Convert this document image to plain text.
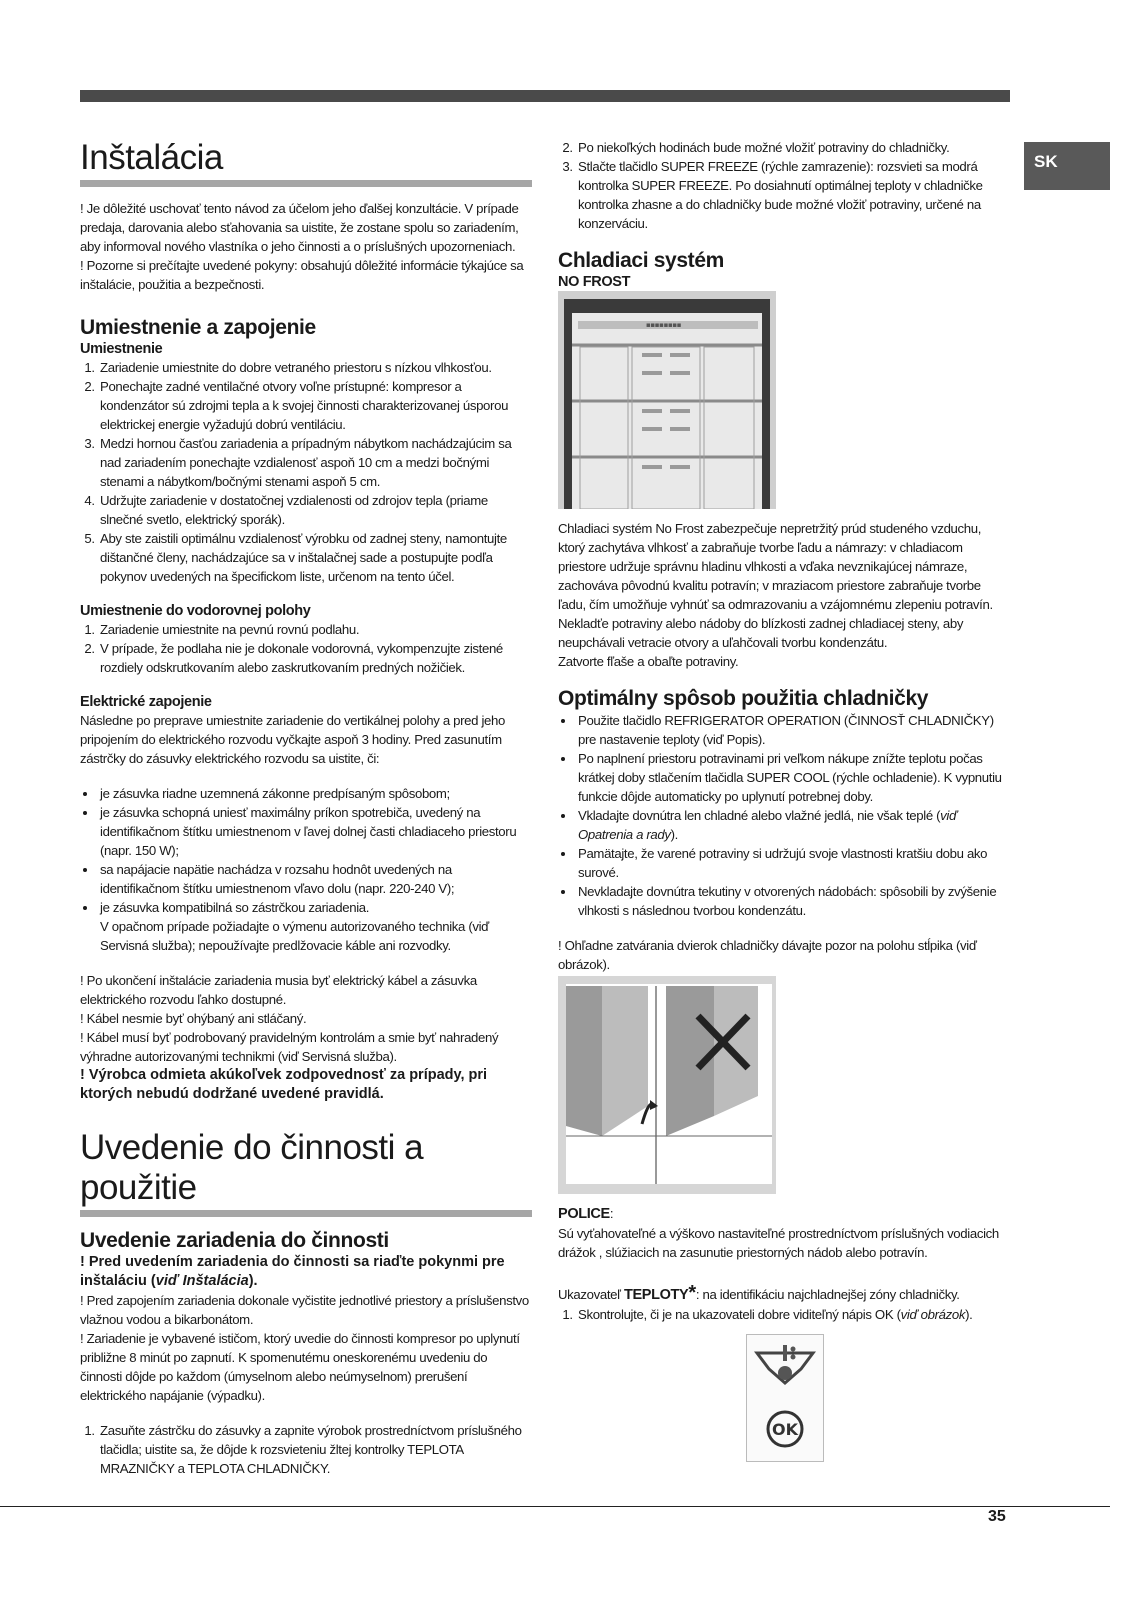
SK
Inštalácia

! Je dôležité uschovať tento návod za účelom jeho ďalšej konzultácie. V prípade predaja, darovania alebo sťahovania sa uistite, že zostane spolu so zariadením, aby informoval nového vlastníka o jeho činnosti a o príslušných upozorneniach.

! Pozorne si prečítajte uvedené pokyny: obsahujú dôležité informácie týkajúce sa inštalácie, použitia a bezpečnosti.

Umiestnenie a zapojenie
Umiestnenie
1. Zariadenie umiestnite do dobre vetraného priestoru s nízkou vlhkosťou.
2. Ponechajte zadné ventilačné otvory voľne prístupné: kompresor a kondenzátor sú zdrojmi tepla a k svojej činnosti charakterizovanej úsporou elektrickej energie vyžadujú dobrú ventiláciu.
3. Medzi hornou časťou zariadenia a prípadným nábytkom nachádzajúcim sa nad zariadením ponechajte vzdialenosť aspoň 10 cm a medzi bočnými stenami a nábytkom/bočnými stenami aspoň 5 cm.
4. Udržujte zariadenie v dostatočnej vzdialenosti od zdrojov tepla (priame slnečné svetlo, elektrický sporák).
5. Aby ste zaistili optimálnu vzdialenosť výrobku od zadnej steny, namontujte dištančné členy, nachádzajúce sa v inštalačnej sade a postupujte podľa pokynov uvedených na špecifickom liste, určenom na tento účel.
Umiestnenie do vodorovnej polohy
1. Zariadenie umiestnite na pevnú rovnú podlahu.
2. V prípade, že podlaha nie je dokonale vodorovná, vykompenzujte zistené rozdiely odskrutkovaním alebo zaskrutkovaním predných nožičiek.
Elektrické zapojenie

Následne po preprave umiestnite zariadenie do vertikálnej polohy a pred jeho pripojením do elektrického rozvodu vyčkajte aspoň 3 hodiny. Pred zasunutím zástrčky do zásuvky elektrického rozvodu sa uistite, či:

• je zásuvka riadne uzemnená zákonne predpísaným spôsobom;
• je zásuvka schopná uniesť maximálny príkon spotrebiča, uvedený na identifikačnom štítku umiestnenom v ľavej dolnej časti chladiaceho priestoru (napr. 150 W);
• sa napájacie napätie nachádza v rozsahu hodnôt uvedených na identifikačnom štítku umiestnenom vľavo dolu (napr. 220-240 V);
• je zásuvka kompatibilná so zástrčkou zariadenia.

V opačnom prípade požiadajte o výmenu autorizovaného technika (viď Servisná služba); nepoužívajte predlžovacie káble ani rozvodky.

! Po ukončení inštalácie zariadenia musia byť elektrický kábel a zásuvka elektrického rozvodu ľahko dostupné.

! Kábel nesmie byť ohýbaný ani stláčaný.

! Kábel musí byť podrobovaný pravidelným kontrolám a smie byť nahradený výhradne autorizovanými technikmi (viď Servisná služba).

! Výrobca odmieta akúkoľvek zodpovednosť za prípady, pri ktorých nebudú dodržané uvedené pravidlá.

Uvedenie do činnosti a použitie
Uvedenie zariadenia do činnosti

! Pred uvedením zariadenia do činnosti sa riaďte pokynmi pre inštaláciu (viď Inštalácia).

! Pred zapojením zariadenia dokonale vyčistite jednotlivé priestory a príslušenstvo vlažnou vodou a bikarbonátom.

! Zariadenie je vybavené ističom, ktorý uvedie do činnosti kompresor po uplynutí približne 8 minút po zapnutí. K spomenutému oneskorenému uvedeniu do činnosti dôjde po každom (úmyselnom alebo neúmyselnom) prerušení elektrického napájanie (výpadku).

1. Zasuňte zástrčku do zásuvky a zapnite výrobok prostredníctvom príslušného tlačidla; uistite sa, že dôjde k rozsvieteniu žltej kontrolky TEPLOTA MRAZNIČKY a TEPLOTA CHLADNIČKY.
2. Po niekoľkých hodinách bude možné vložiť potraviny do chladničky.
3. Stlačte tlačidlo SUPER FREEZE (rýchle zamrazenie): rozsvieti sa modrá kontrolka SUPER FREEZE. Po dosiahnutí optimálnej teploty v chladničke kontrolka zhasne a do chladničky bude možné vložiť potraviny, určené na konzerváciu.
Chladiaci systém
NO FROST
▪▪▪▪▪▪▪▪

Chladiaci systém No Frost zabezpečuje nepretržitý prúd studeného vzduchu, ktorý zachytáva vlhkosť a zabraňuje tvorbe ľadu a námrazy: v chladiacom priestore udržuje správnu hladinu vlhkosti a vďaka nevznikajúcej námraze, zachováva pôvodnú kvalitu potravín; v mraziacom priestore zabraňuje tvorbe ľadu, čím umožňuje vyhnúť sa odmrazovaniu a vzájomnému zlepeniu potravín.

Nekladťe potraviny alebo nádoby do blízkosti zadnej chladiacej steny, aby neupchávali vetracie otvory a uľahčovali tvorbu kondenzátu.

Zatvorte fľaše a obaľte potraviny.

Optimálny spôsob použitia chladničky
• Použite tlačidlo REFRIGERATOR OPERATION (ČINNOSŤ CHLADNIČKY) pre nastavenie teploty (viď Popis).
• Po naplnení priestoru potravinami pri veľkom nákupe znížte teplotu počas krátkej doby stlačením tlačidla SUPER COOL (rýchle ochladenie). K vypnutiu funkcie dôjde automaticky po uplynutí potrebnej doby.
• Vkladajte dovnútra len chladné alebo vlažné jedlá, nie však teplé (viď Opatrenia a rady).
• Pamätajte, že varené potraviny si udržujú svoje vlastnosti kratšiu dobu ako surové.
• Nevkladajte dovnútra tekutiny v otvorených nádobách: spôsobili by zvýšenie vlhkosti s následnou tvorbou kondenzátu.

! Ohľadne zatvárania dvierok chladničky dávajte pozor na polohu stĺpika (viď obrázok).

POLICE:

Sú vyťahovateľné a výškovo nastaviteľné prostredníctvom príslušných vodiacich drážok , slúžiacich na zasunutie priestorných nádob alebo potravín.

Ukazovateľ TEPLOTY*: na identifikáciu najchladnejšej zóny chladničky.

1. Skontrolujte, či je na ukazovateli dobre viditeľný nápis OK (viď obrázok).
OK
35
